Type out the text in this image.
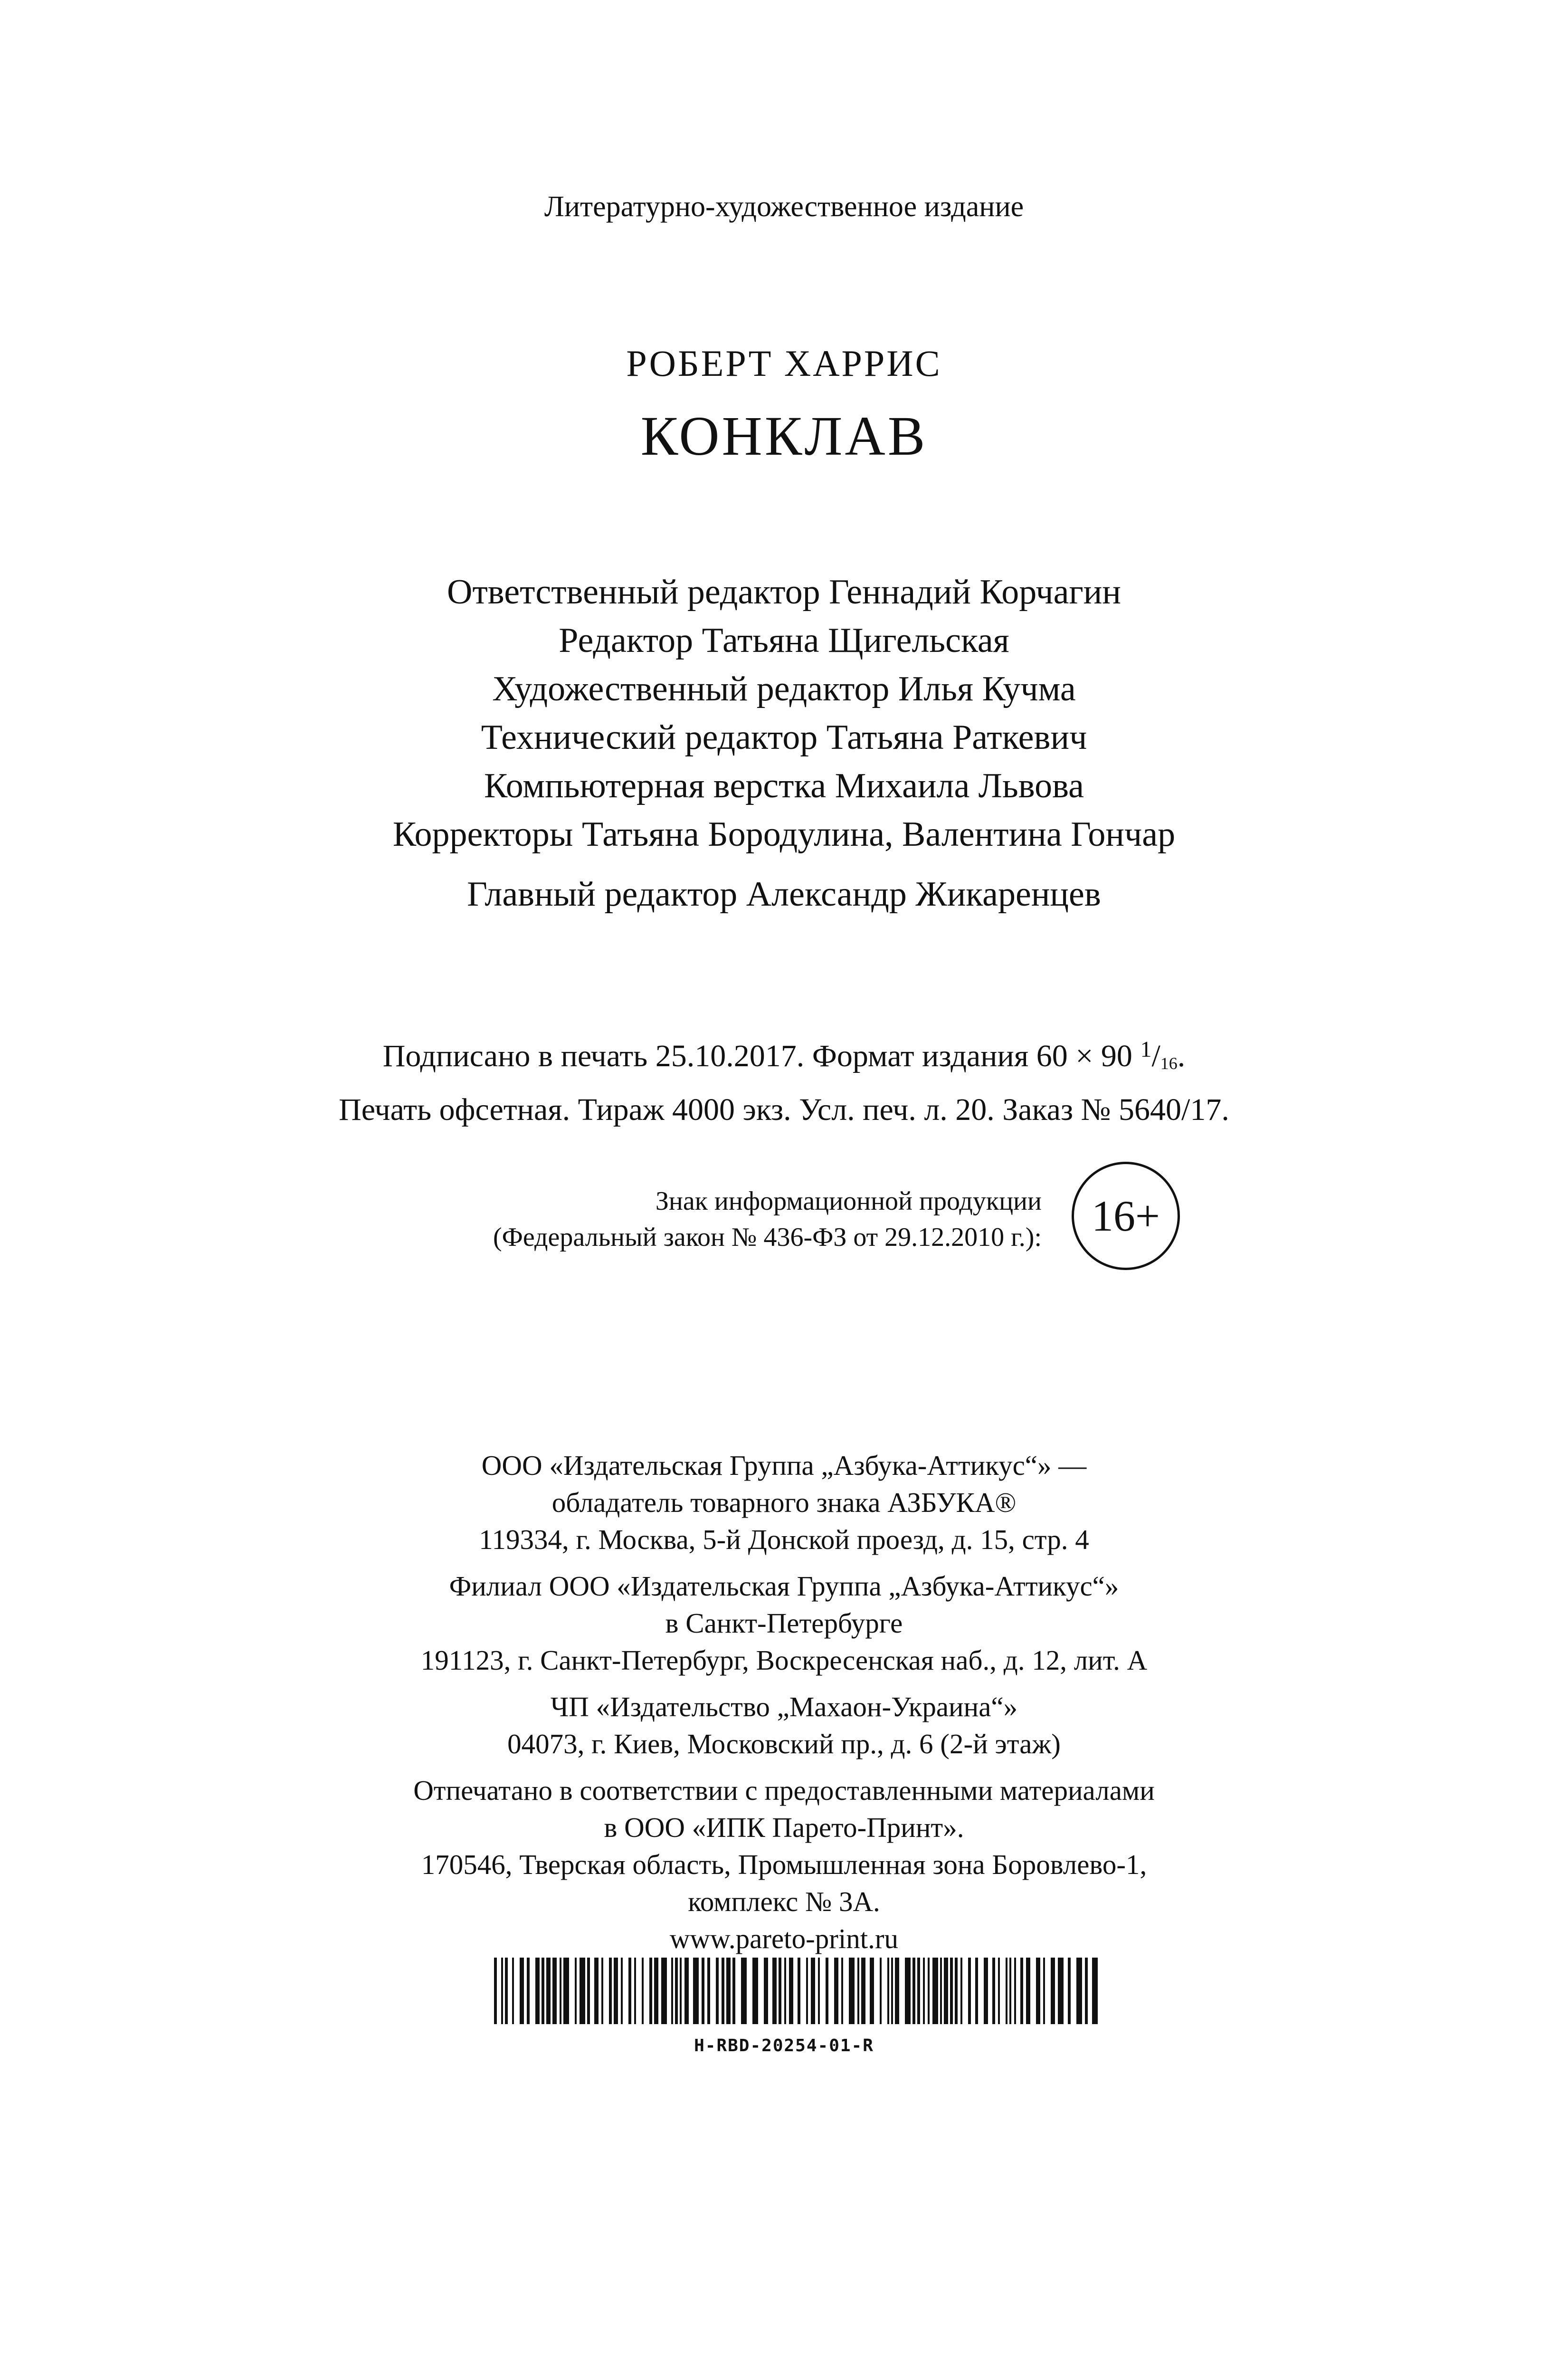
Литературно-художественное издание
РОБЕРТ ХАРРИС
КОНКЛАВ
Ответственный редактор Геннадий Корчагин
Редактор Татьяна Щигельская
Художественный редактор Илья Кучма
Технический редактор Татьяна Раткевич
Компьютерная верстка Михаила Львова
Корректоры Татьяна Бородулина, Валентина Гончар
Главный редактор Александр Жикаренцев
Подписано в печать 25.10.2017. Формат издания 60 × 90 $^1$/16.
Печать офсетная. Тираж 4000 экз. Усл. печ. л. 20. Заказ № 5640/17.
Знак информационной продукции
(Федеральный закон № 436-ФЗ от 29.12.2010 г.):	16+

ООО «Издательская Группа „Азбука-Аттикус“» —

обладатель товарного знака АЗБУКА®

119334, г. Москва, 5-й Донской проезд, д. 15, стр. 4

Филиал ООО «Издательская Группа „Азбука-Аттикус“»

в Санкт-Петербурге

191123, г. Санкт-Петербург, Воскресенская наб., д. 12, лит. А

ЧП «Издательство „Махаон-Украина“»

04073, г. Киев, Московский пр., д. 6 (2-й этаж)

Отпечатано в соответствии с предоставленными материалами

в ООО «ИПК Парето-Принт».

170546, Тверская область, Промышленная зона Боровлево-1,

комплекс № 3А.

www.pareto-print.ru

H-RBD-20254-01-R
